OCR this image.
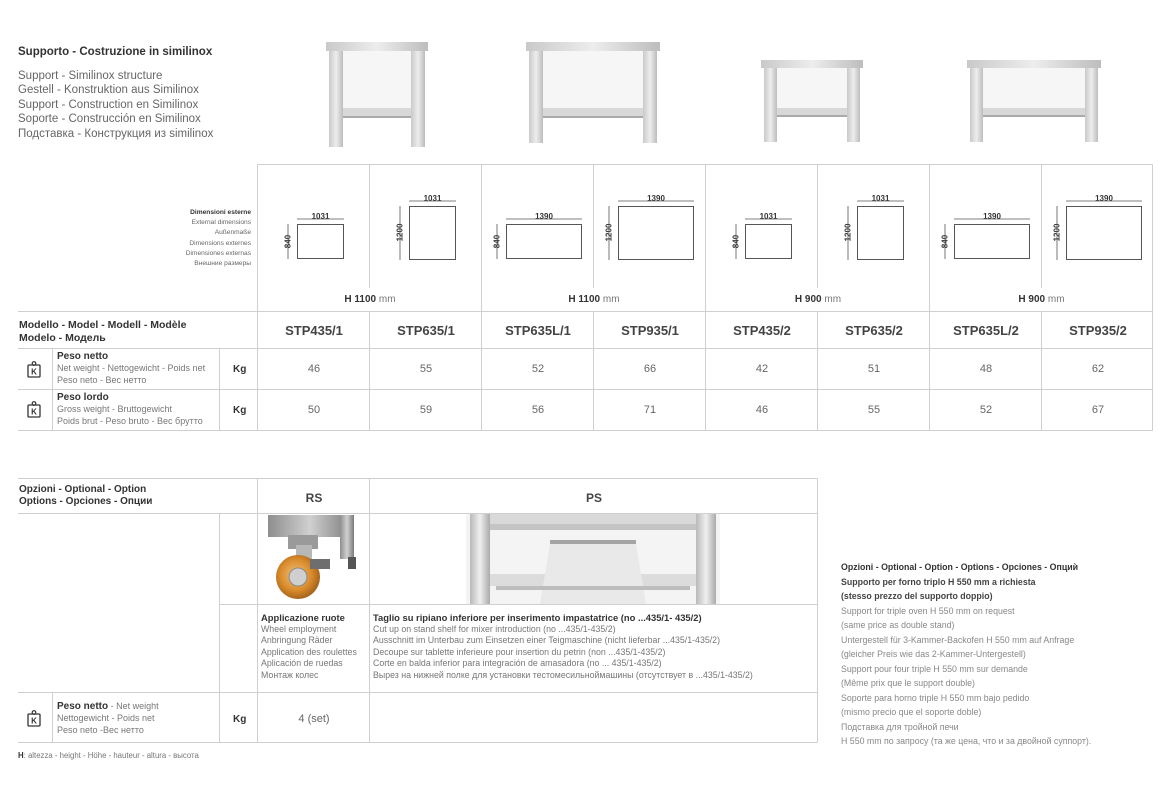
Supporto - Costruzione in similinox
Support - Similinox structure
Gestell - Konstruktion aus Similinox
Support - Construction en Similinox
Soporte - Construcción en Similinox
Подставка - Конструкция из similinox
Dimensioni esterne
External dimensions
Außenmaße
Dimensions externes
Dimensiones externas
Внешние размеры
1031
840
1031
1200
1390
840
1390
1200
1031
840
1031
1200
1390
840
1390
1200
H 1100 mm	H 1100 mm	H 900 mm	H 900 mm
Modello - Model - Modell - Modèle
Modelo - Модель	STP435/1	STP635/1	STP635L/1	STP935/1	STP435/2	STP635/2	STP635L/2	STP935/2
K
Peso netto
Net weight - Nettogewicht - Poids net
Peso neto - Вес нетто
Kg	46	55	52	66	42	51	48	62
K
Peso lordo
Gross weight - Bruttogewicht
Poids brut - Peso bruto - Вес брутто
Kg	50	59	56	71	46	55	52	67
Opzioni - Optional - Option
Options - Opciones - Опции	RS	PS
Applicazione ruote
Wheel employment
Anbringung Räder
Application des roulettes
Aplicación de ruedas
Монтаж колес
Taglio su ripiano inferiore per inserimento impastatrice (no ...435/1- 435/2)
Cut up on stand shelf for mixer introduction (no ...435/1-435/2)
Ausschnitt im Unterbau zum Einsetzen einer Teigmaschine (nicht lieferbar ...435/1-435/2)
Decoupe sur tablette inferieure pour insertion du petrin (non ...435/1-435/2)
Corte en balda inferior para integración de amasadora (no ... 435/1-435/2)
Вырез на нижней полке для установки тестомесильноймашины (отсутствует в ...435/1-435/2)
K
Peso netto - Net weight
Nettogewicht - Poids net
Peso neto -Вес нетто
Kg	4 (set)
H: altezza - height - Höhe - hauteur - altura - высота
Opzioni - Optional - Option - Options - Opciones - Опциѝ
Supporto per forno triplo H 550 mm a richiesta
(stesso prezzo del supporto doppio)
Support for triple oven H 550 mm on request
(same price as double stand)
Untergestell für 3-Kammer-Backofen H 550 mm auf Anfrage
(gleicher Preis wie das 2-Kammer-Untergestell)
Support pour four triple H 550 mm sur demande
(Même prix que le support double)
Soporte para horno triple H 550 mm bajo pedido
(mismo precio que el soporte doble)
Подставка для тройной печи
H 550 mm по запросу (та же цена, что и за двойной суппорт).
